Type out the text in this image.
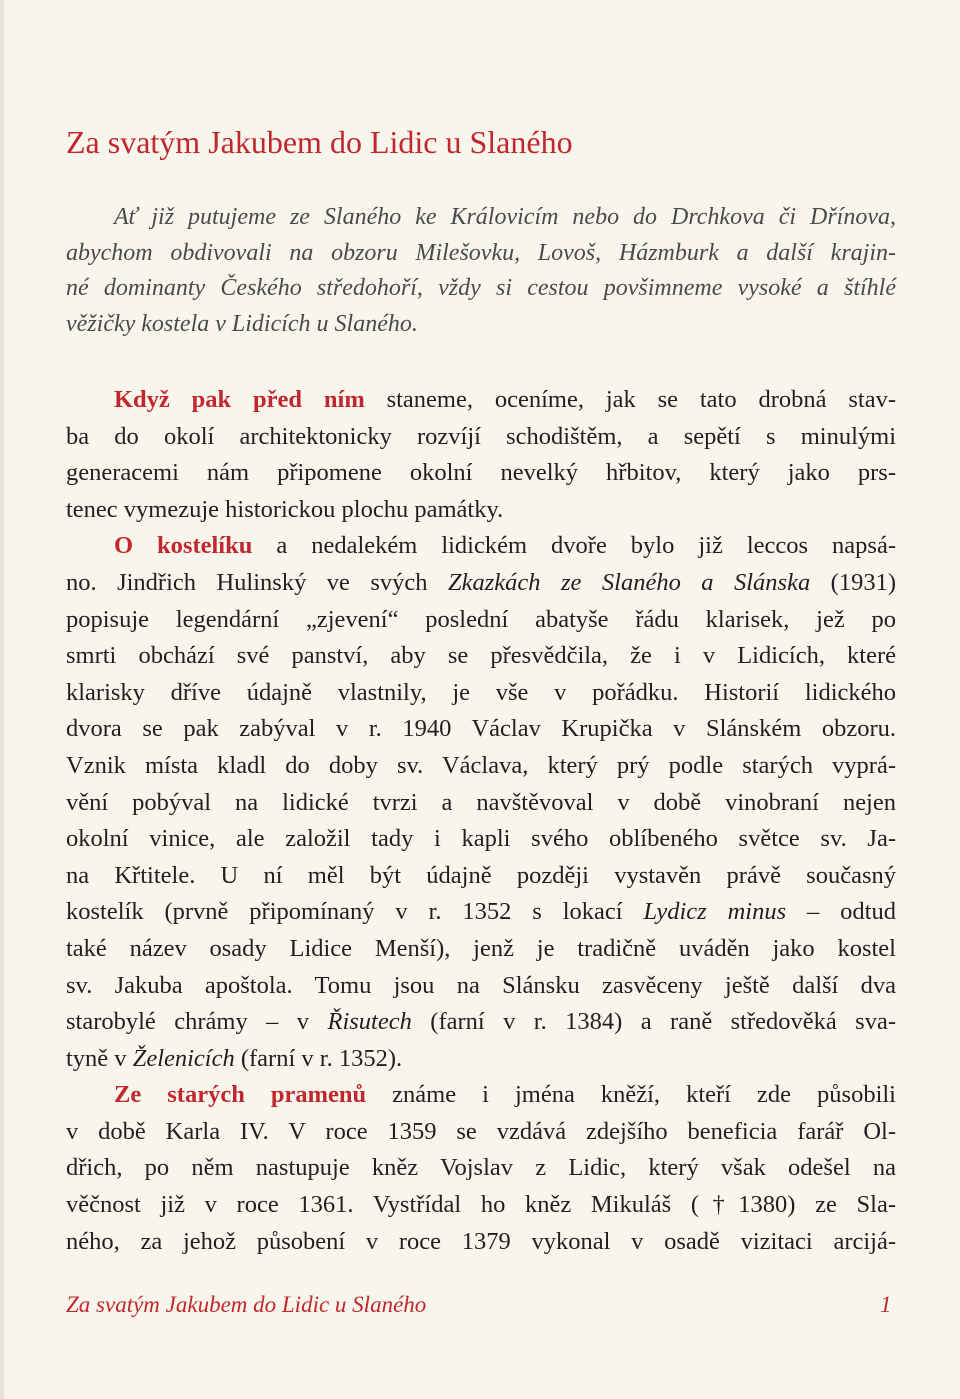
Za svatým Jakubem do Lidic u Slaného
Ať již putujeme ze Slaného ke Královicím nebo do Drchkova či Dřínova,
abychom obdivovali na obzoru Milešovku, Lovoš, Házmburk a další krajin-
né dominanty Českého středohoří, vždy si cestou povšimneme vysoké a štíhlé
věžičky kostela v Lidicích u Slaného.
Když pak před ním staneme, oceníme, jak se tato drobná stav-
ba do okolí architektonicky rozvíjí schodištěm, a sepětí s minulými
generacemi nám připomene okolní nevelký hřbitov, který jako prs-
tenec vymezuje historickou plochu památky.
O kostelíku a nedalekém lidickém dvoře bylo již leccos napsá-
no. Jindřich Hulinský ve svých Zkazkách ze Slaného a Slánska (1931)
popisuje legendární „zjevení“ poslední abatyše řádu klarisek, jež po
smrti obchází své panství, aby se přesvědčila, že i v Lidicích, které
klarisky dříve údajně vlastnily, je vše v pořádku. Historií lidického
dvora se pak zabýval v r. 1940 Václav Krupička v Slánském obzoru.
Vznik místa kladl do doby sv. Václava, který prý podle starých vyprá-
vění pobýval na lidické tvrzi a navštěvoval v době vinobraní nejen
okolní vinice, ale založil tady i kapli svého oblíbeného světce sv. Ja-
na Křtitele. U ní měl být údajně později vystavěn právě současný
kostelík (prvně připomínaný v r. 1352 s lokací Lydicz minus – odtud
také název osady Lidice Menší), jenž je tradičně uváděn jako kostel
sv. Jakuba apoštola. Tomu jsou na Slánsku zasvěceny ještě další dva
starobylé chrámy – v Řisutech (farní v r. 1384) a raně středověká sva-
tyně v Želenicích (farní v r. 1352).
Ze starých pramenů známe i jména kněží, kteří zde působili
v době Karla IV. V roce 1359 se vzdává zdejšího beneficia farář Ol-
dřich, po něm nastupuje kněz Vojslav z Lidic, který však odešel na
věčnost již v roce 1361. Vystřídal ho kněz Mikuláš (†1380) ze Sla-
ného, za jehož působení v roce 1379 vykonal v osadě vizitaci arcijá-
Za svatým Jakubem do Lidic u Slaného	1
